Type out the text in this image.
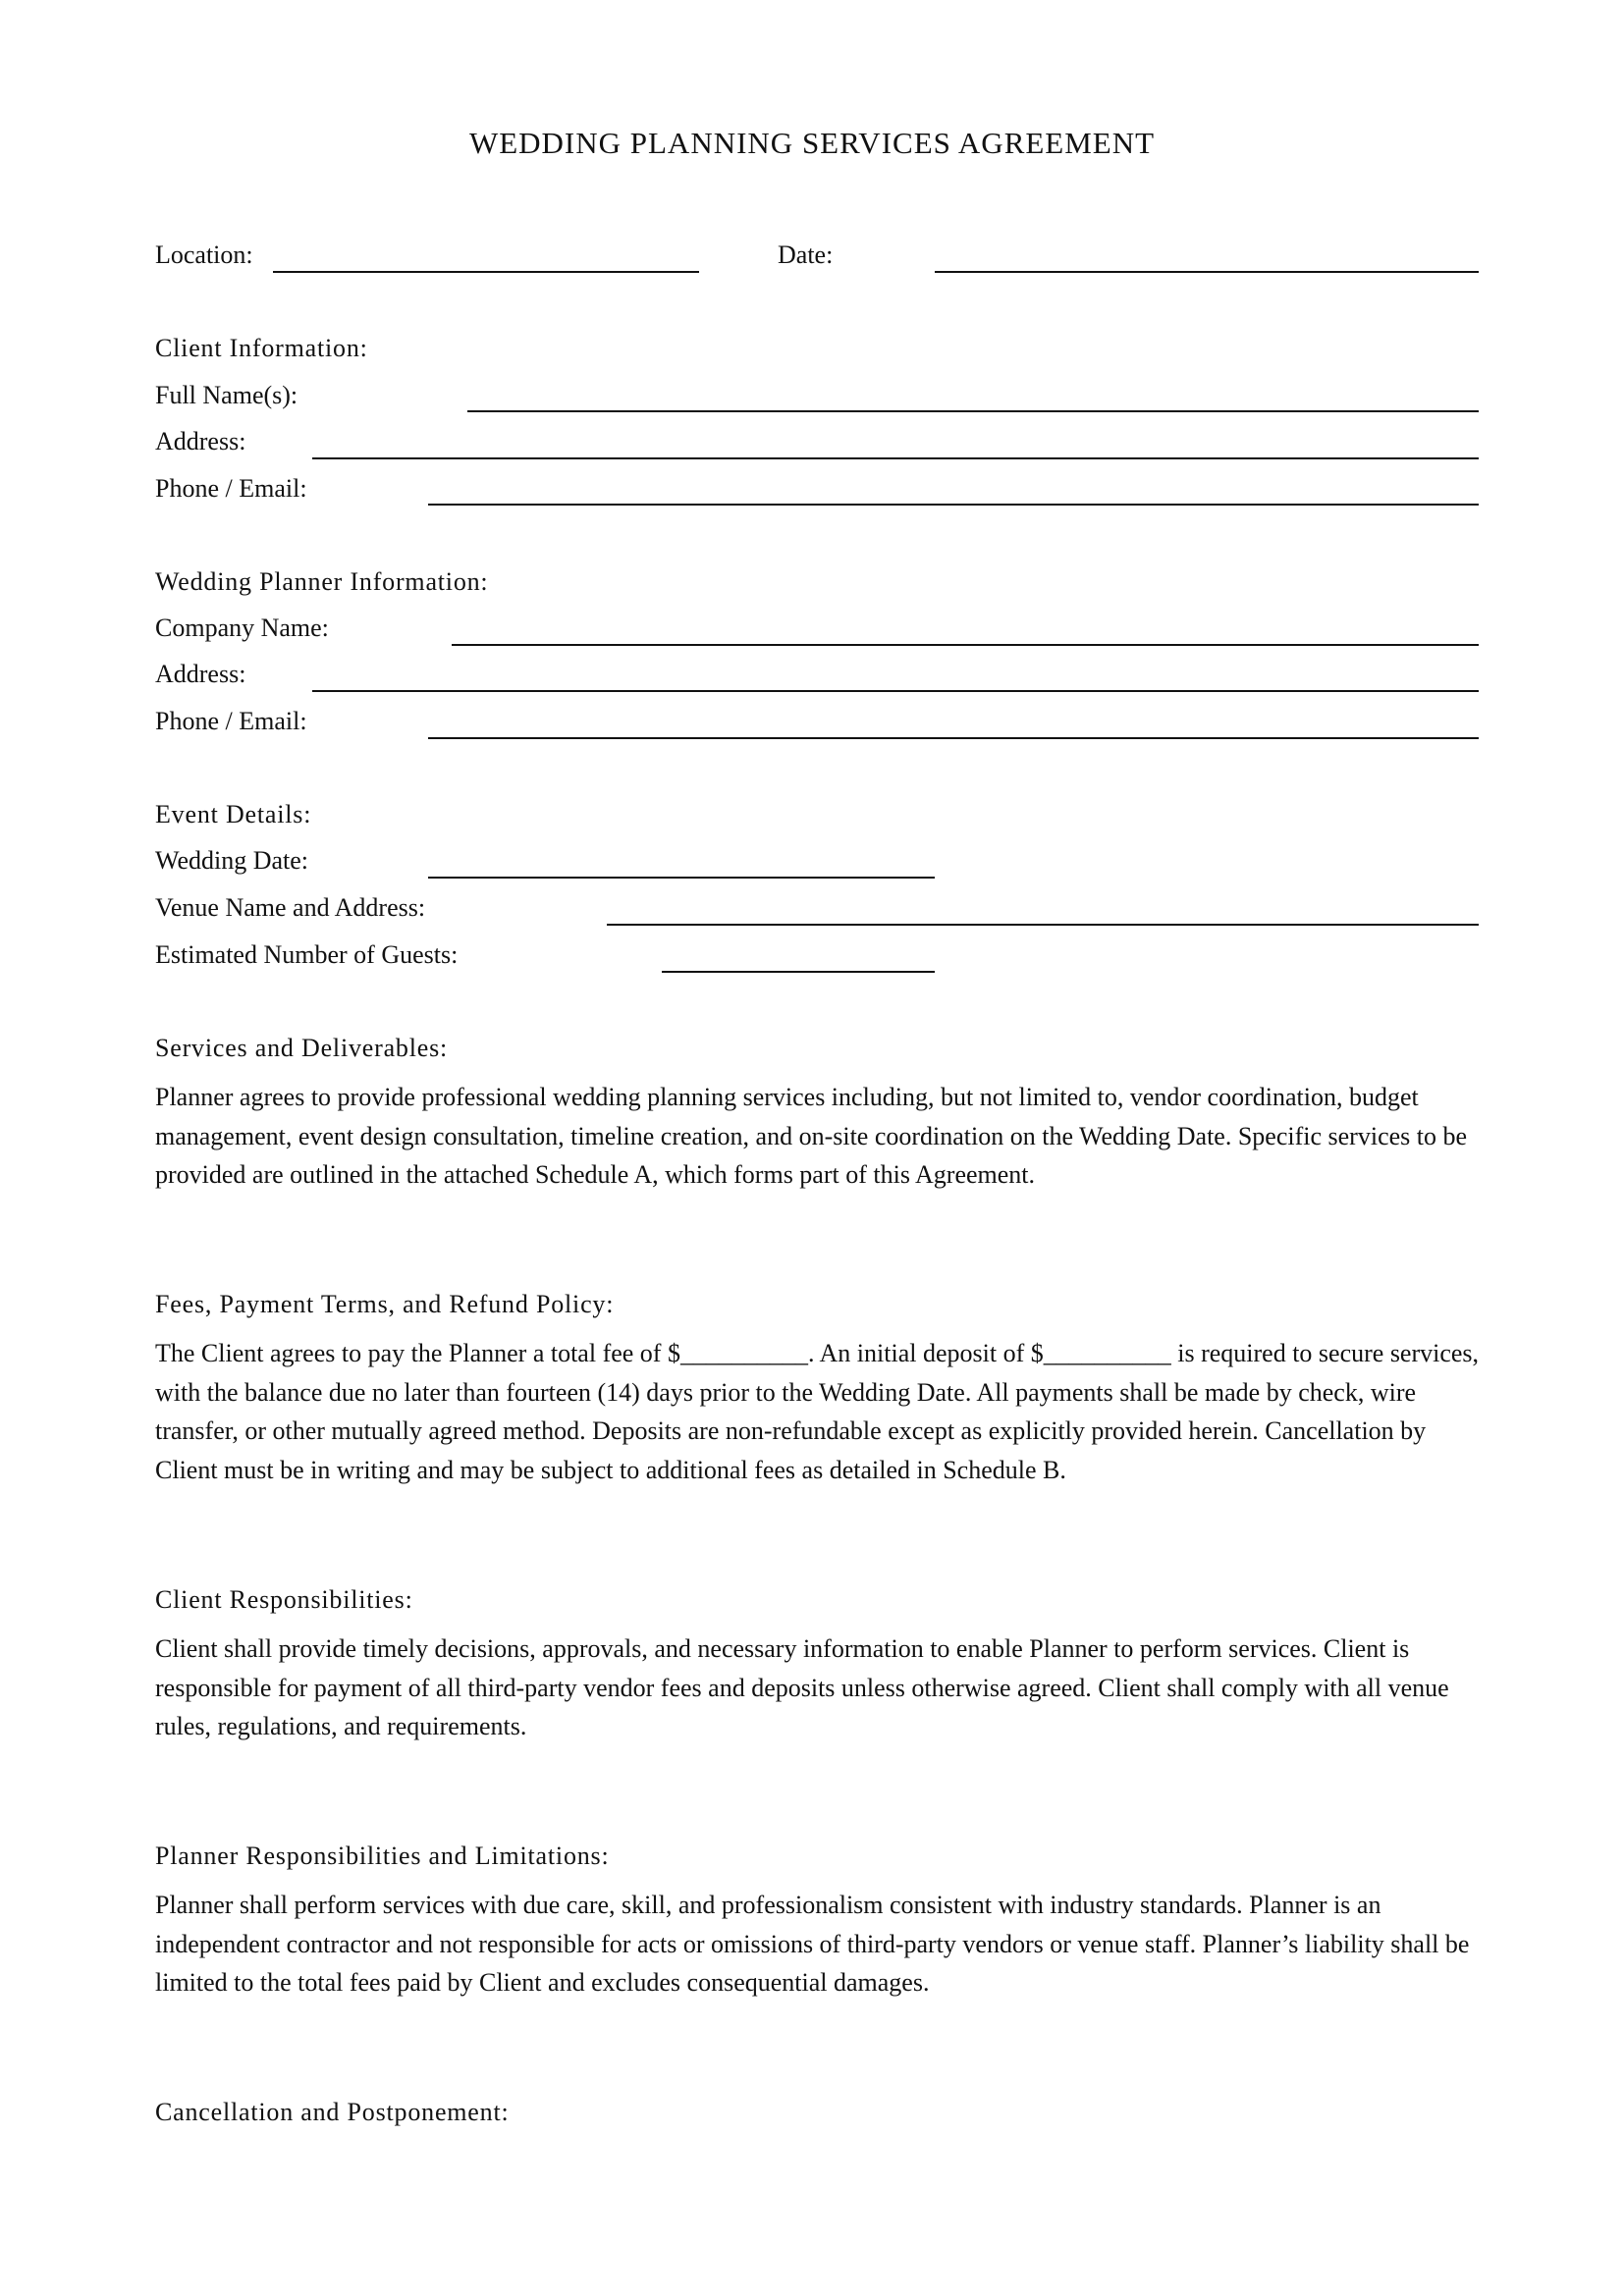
WEDDING PLANNING SERVICES AGREEMENT
Location:	Date:
Client Information:
Full Name(s):
Address:
Phone / Email:
Wedding Planner Information:
Company Name:
Address:
Phone / Email:
Event Details:
Wedding Date:
Venue Name and Address:
Estimated Number of Guests:
Services and Deliverables:
Planner agrees to provide professional wedding planning services including, but not limited to, vendor coordination, budget management, event design consultation, timeline creation, and on-site coordination on the Wedding Date. Specific services to be provided are outlined in the attached Schedule A, which forms part of this Agreement.
Fees, Payment Terms, and Refund Policy:
The Client agrees to pay the Planner a total fee of $__________. An initial deposit of $__________ is required to secure services, with the balance due no later than fourteen (14) days prior to the Wedding Date. All payments shall be made by check, wire transfer, or other mutually agreed method. Deposits are non-refundable except as explicitly provided herein. Cancellation by Client must be in writing and may be subject to additional fees as detailed in Schedule B.
Client Responsibilities:
Client shall provide timely decisions, approvals, and necessary information to enable Planner to perform services. Client is responsible for payment of all third-party vendor fees and deposits unless otherwise agreed. Client shall comply with all venue rules, regulations, and requirements.
Planner Responsibilities and Limitations:
Planner shall perform services with due care, skill, and professionalism consistent with industry standards. Planner is an independent contractor and not responsible for acts or omissions of third-party vendors or venue staff. Planner’s liability shall be limited to the total fees paid by Client and excludes consequential damages.
Cancellation and Postponement:
